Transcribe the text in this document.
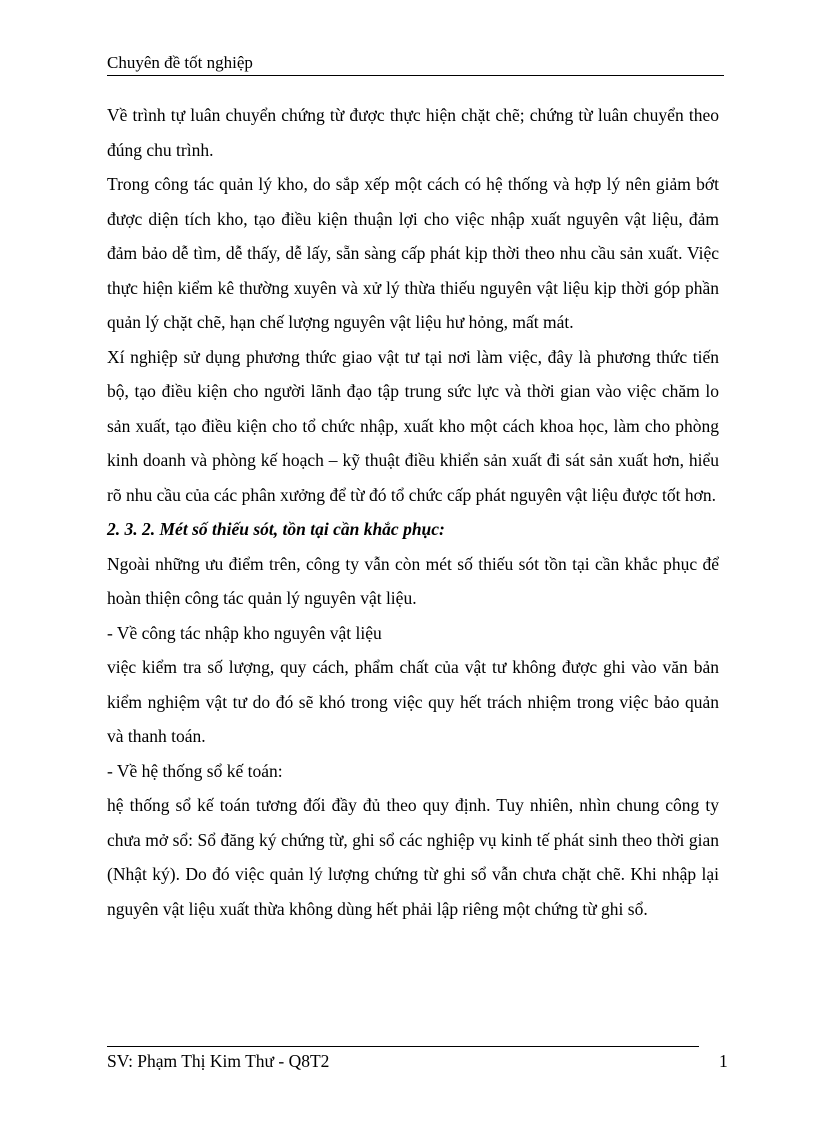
Chuyên đề tốt nghiệp

Về trình tự luân chuyển chứng từ được thực hiện chặt chẽ; chứng từ luân chuyển theo đúng chu trình.

Trong công tác quản lý kho, do sắp xếp một cách có hệ thống và hợp lý nên giảm bớt được diện tích kho, tạo điều kiện thuận lợi cho việc nhập xuất nguyên vật liệu, đảm đảm bảo dễ tìm, dễ thấy, dễ lấy, sẵn sàng cấp phát kịp thời theo nhu cầu sản xuất. Việc thực hiện kiểm kê thường xuyên và xử lý thừa thiếu nguyên vật liệu kịp thời góp phần quản lý chặt chẽ, hạn chế lượng nguyên vật liệu hư hỏng, mất mát.

Xí nghiệp sử dụng phương thức giao vật tư tại nơi làm việc, đây là phương thức tiến bộ, tạo điều kiện cho người lãnh đạo tập trung sức lực và thời gian vào việc chăm lo sản xuất, tạo điều kiện cho tổ chức nhập, xuất kho một cách khoa học, làm cho phòng kinh doanh và phòng kế hoạch – kỹ thuật điều khiển sản xuất đi sát sản xuất hơn, hiểu rõ nhu cầu của các phân xưởng để từ đó tổ chức cấp phát nguyên vật liệu được tốt hơn.

2. 3. 2. Mét số thiếu sót, tồn tại cần khắc phục:

Ngoài những ưu điểm trên, công ty vẫn còn mét số thiếu sót tồn tại cần khắc phục để hoàn thiện công tác quản lý nguyên vật liệu.

- Về công tác nhập kho nguyên vật liệu

việc kiểm tra số lượng, quy cách, phẩm chất của vật tư không được ghi vào văn bản kiểm nghiệm vật tư do đó sẽ khó trong việc quy hết trách nhiệm trong việc bảo quản và thanh toán.

- Về hệ thống sổ kế toán:

hệ thống sổ kế toán tương đối đầy đủ theo quy định. Tuy nhiên, nhìn chung công ty chưa mở sổ: Sổ đăng ký chứng từ, ghi sổ các nghiệp vụ kinh tế phát sinh theo thời gian (Nhật ký). Do đó việc quản lý lượng chứng từ ghi sổ vẫn chưa chặt chẽ. Khi nhập lại nguyên vật liệu xuất thừa không dùng hết phải lập riêng một chứng từ ghi sổ.

SV: Phạm Thị Kim Thư - Q8T2	1
